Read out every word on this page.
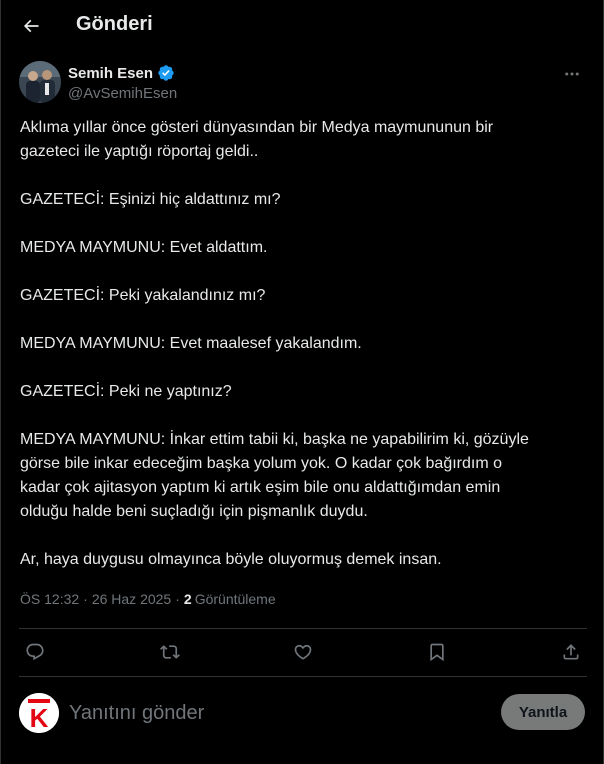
Gönderi
Semih Esen
@AvSemihEsen

Aklıma yıllar önce gösteri dünyasından bir Medya maymununun bir

gazeteci ile yaptığı röportaj geldi..

GAZETECİ: Eşinizi hiç aldattınız mı?

MEDYA MAYMUNU: Evet aldattım.

GAZETECİ: Peki yakalandınız mı?

MEDYA MAYMUNU: Evet maalesef yakalandım.

GAZETECİ: Peki ne yaptınız?

MEDYA MAYMUNU: İnkar ettim tabii ki, başka ne yapabilirim ki, gözüyle

görse bile inkar edeceğim başka yolum yok. O kadar çok bağırdım o

kadar çok ajitasyon yaptım ki artık eşim bile onu aldattığımdan emin

olduğu halde beni suçladığı için pişmanlık duydu.

Ar, haya duygusu olmayınca böyle oluyormuş demek insan.

ÖS 12:32 · 26 Haz 2025 · 2 Görüntüleme
K
Yanıtını gönder	Yanıtla
